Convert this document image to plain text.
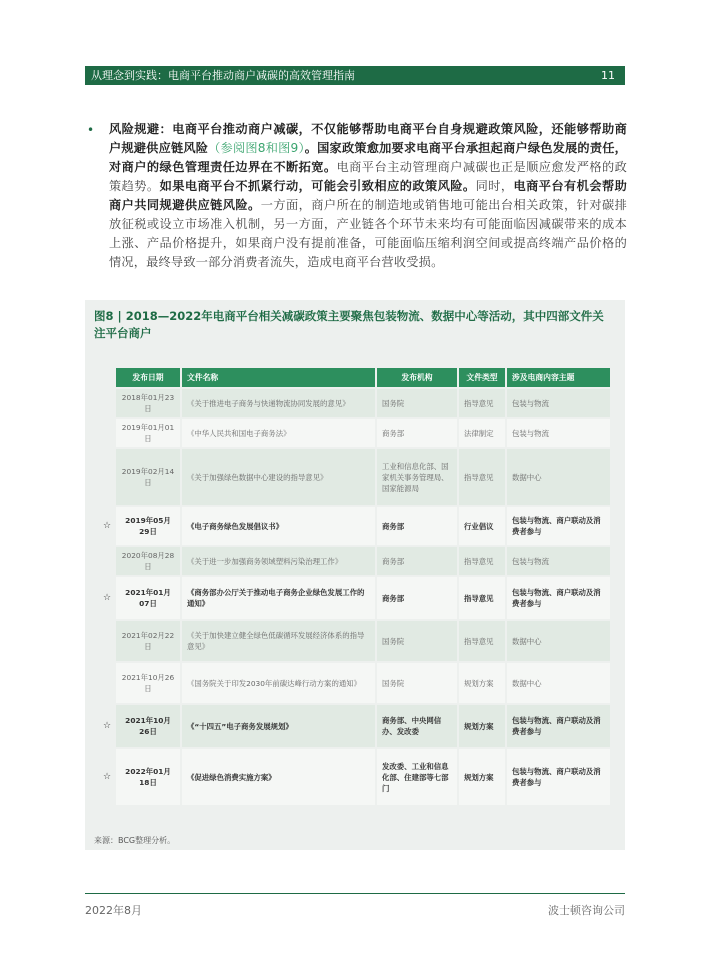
从理念到实践：电商平台推动商户减碳的高效管理指南	11
• 风险规避：电商平台推动商户减碳，不仅能够帮助电商平台自身规避政策风险，还能够帮助商户规避供应链风险（参阅图8和图9）。国家政策愈加要求电商平台承担起商户绿色发展的责任，对商户的绿色管理责任边界在不断拓宽。电商平台主动管理商户减碳也正是顺应愈发严格的政策趋势。如果电商平台不抓紧行动，可能会引致相应的政策风险。同时，电商平台有机会帮助商户共同规避供应链风险。一方面，商户所在的制造地或销售地可能出台相关政策，针对碳排放征税或设立市场准入机制，另一方面，产业链各个环节未来均有可能面临因减碳带来的成本上涨、产品价格提升，如果商户没有提前准备，可能面临压缩利润空间或提高终端产品价格的情况，最终导致一部分消费者流失，造成电商平台营收受损。
图8 | 2018—2022年电商平台相关减碳政策主要聚焦包装物流、数据中心等活动，其中四部文件关注平台商户
	发布日期	文件名称	发布机构	文件类型	涉及电商内容主题
	2018年01月23日	《关于推进电子商务与快递物流协同发展的意见》	国务院	指导意见	包装与物流
	2019年01月01日	《中华人民共和国电子商务法》	商务部	法律制定	包装与物流
	2019年02月14日	《关于加强绿色数据中心建设的指导意见》	工业和信息化部、国家机关事务管理局、国家能源局	指导意见	数据中心
☆	2019年05月29日	《电子商务绿色发展倡议书》	商务部	行业倡议	包装与物流、商户联动及消费者参与
	2020年08月28日	《关于进一步加强商务领域塑料污染治理工作》	商务部	指导意见	包装与物流
☆	2021年01月07日	《商务部办公厅关于推动电子商务企业绿色发展工作的通知》	商务部	指导意见	包装与物流、商户联动及消费者参与
	2021年02月22日	《关于加快建立健全绿色低碳循环发展经济体系的指导意见》	国务院	指导意见	数据中心
	2021年10月26日	《国务院关于印发2030年前碳达峰行动方案的通知》	国务院	规划方案	数据中心
☆	2021年10月26日	《“十四五”电子商务发展规划》	商务部、中央网信办、发改委	规划方案	包装与物流、商户联动及消费者参与
☆	2022年01月18日	《促进绿色消费实施方案》	发改委、工业和信息化部、住建部等七部门	规划方案	包装与物流、商户联动及消费者参与
来源：BCG整理分析。
2022年8月	波士顿咨询公司
